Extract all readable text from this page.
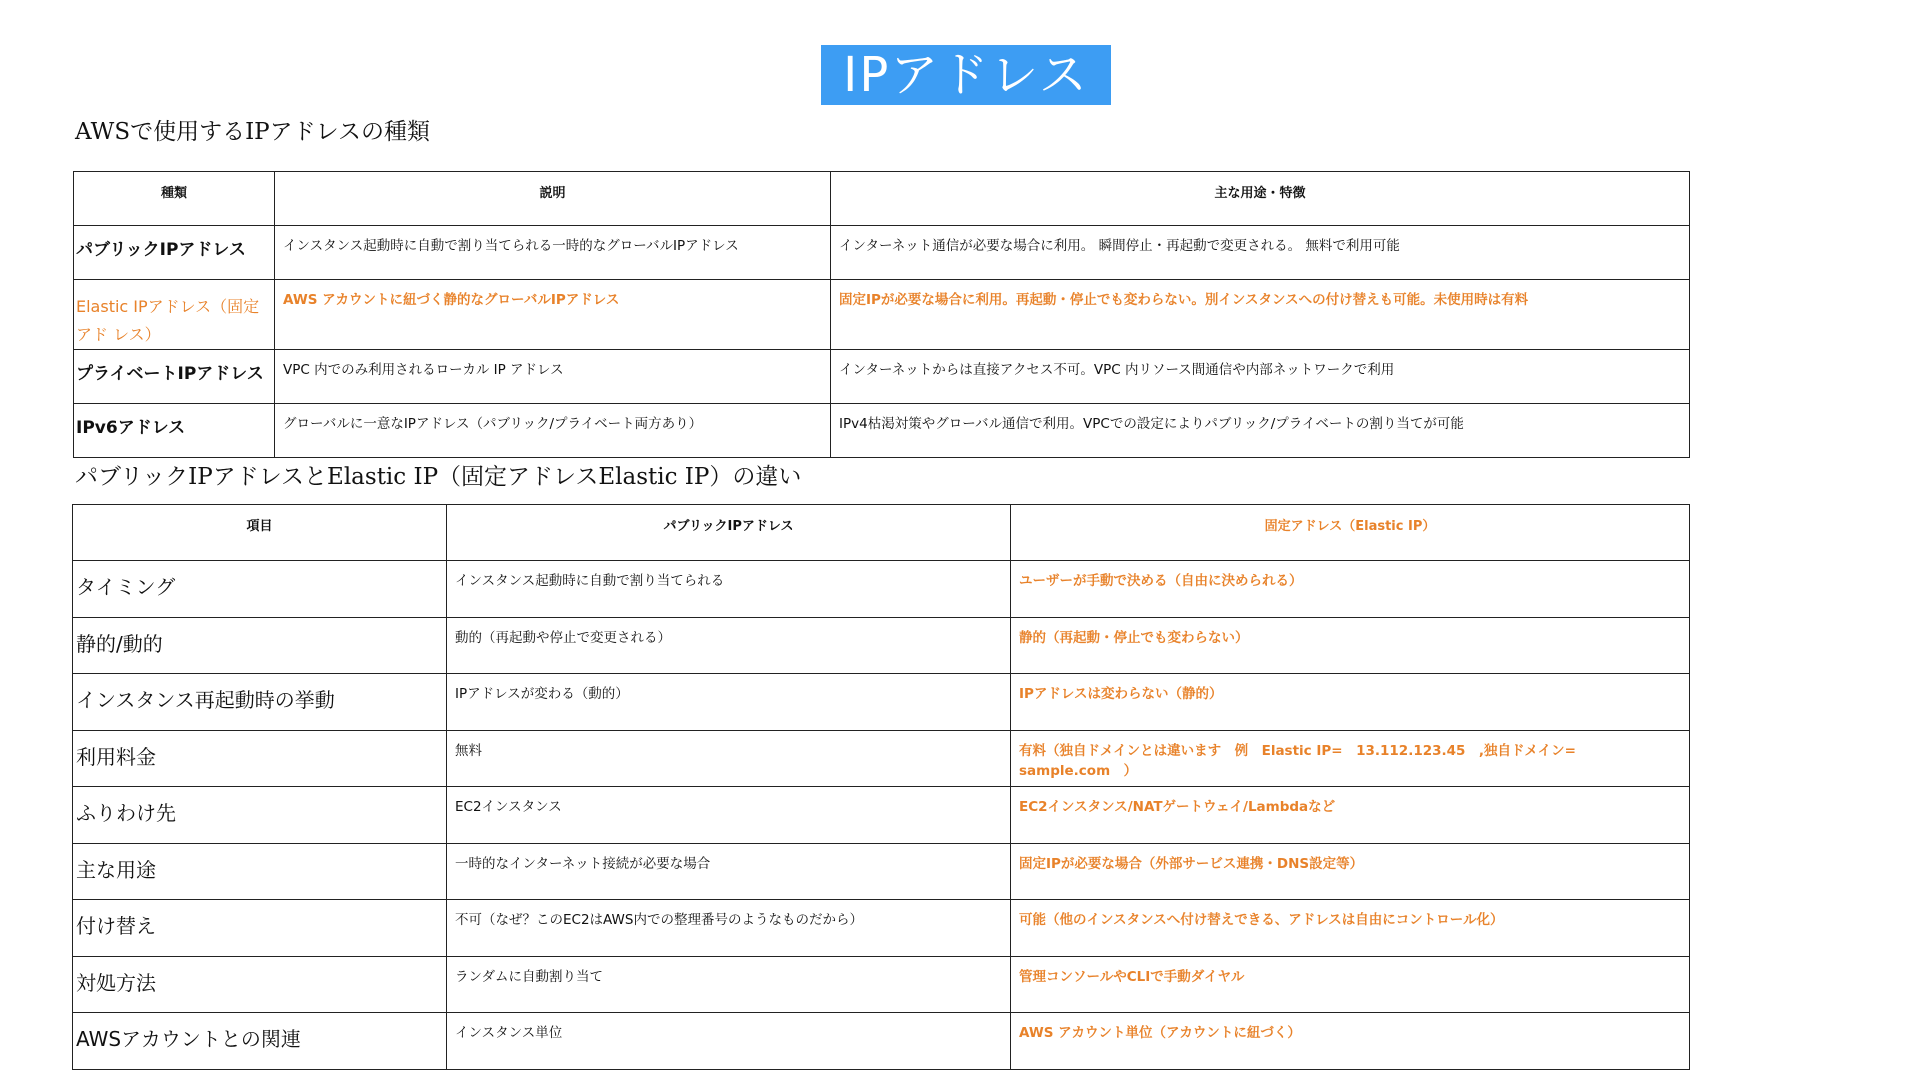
IPアドレス
AWSで使用するIPアドレスの種類
種類	説明	主な用途・特徴
パブリックIPアドレス	インスタンス起動時に自動で割り当てられる一時的なグローバルIPアドレス	インターネット通信が必要な場合に利用。 瞬間停止・再起動で変更される。 無料で利用可能
Elastic IPアドレス（固定アド レス）	AWS アカウントに紐づく静的なグローバルIPアドレス	固定IPが必要な場合に利用。再起動・停止でも変わらない。別インスタンスへの付け替えも可能。未使用時は有料
プライベートIPアドレス	VPC 内でのみ利用されるローカル IP アドレス	インターネットからは直接アクセス不可。VPC 内リソース間通信や内部ネットワークで利用
IPv6アドレス	グローバルに一意なIPアドレス（パブリック/プライベート両方あり）	IPv4枯渇対策やグローバル通信で利用。VPCでの設定によりパブリック/プライベートの割り当てが可能
パブリックIPアドレスとElastic IP（固定アドレスElastic IP）の違い
項目	パブリックIPアドレス	固定アドレス（Elastic IP）
タイミング	インスタンス起動時に自動で割り当てられる	ユーザーが手動で決める（自由に決められる）
静的/動的	動的（再起動や停止で変更される）	静的（再起動・停止でも変わらない）
インスタンス再起動時の挙動	IPアドレスが変わる（動的）	IPアドレスは変わらない（静的）
利用料金	無料	有料（独自ドメインとは違います　例　Elastic IP=　13.112.123.45　,独自ドメイン=　sample.com　）
ふりわけ先	EC2インスタンス	EC2インスタンス/NATゲートウェイ/Lambdaなど
主な用途	一時的なインターネット接続が必要な場合	固定IPが必要な場合（外部サービス連携・DNS設定等）
付け替え	不可（なぜ？このEC2はAWS内での整理番号のようなものだから）	可能（他のインスタンスへ付け替えできる、アドレスは自由にコントロール化）
対処方法	ランダムに自動割り当て	管理コンソールやCLIで手動ダイヤル
AWSアカウントとの関連	インスタンス単位	AWS アカウント単位（アカウントに紐づく）
